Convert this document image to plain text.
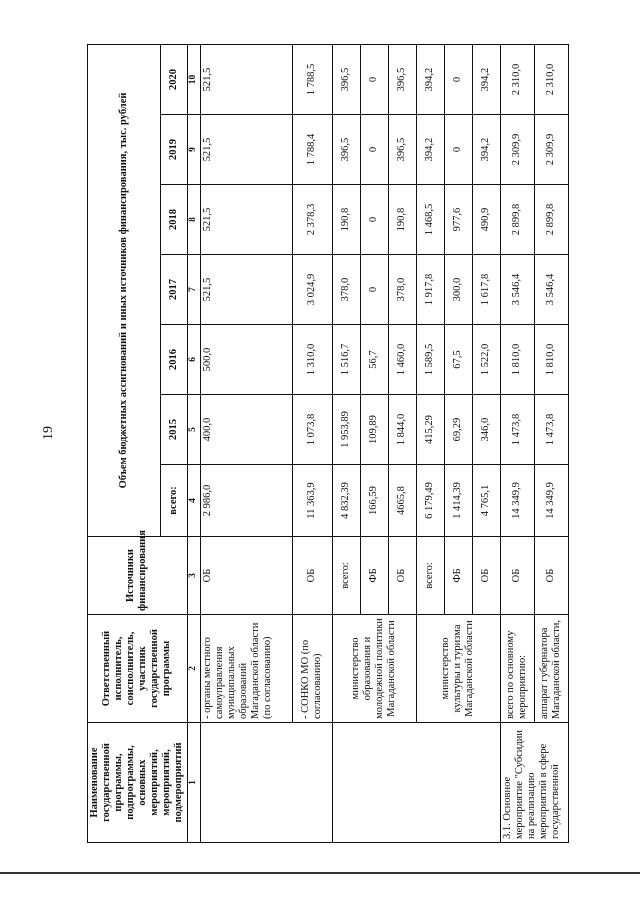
19
Наименование государственной программы, подпрограммы, основных мероприятий, мероприятий, подмероприятий	Ответственный исполнитель, соисполнитель, участник государственной программы	Источники финансирования	Объем бюджетных ассигнований и иных источников финансирования, тыс. рублей						
			всего:	2015	2016	2017	2018	2019	2020
1	2	3	4	5	6	7	8	9	10
	- органы местного самоуправления муниципальных образований Магаданской области (по согласованию)	ОБ	2 986,0	400,0	500,0	521,5	521,5	521,5	521,5
	- СОНКО МО (по согласованию)	ОБ	11 363,9	1 073,8	1 310,0	3 024,9	2 378,3	1 788,4	1 788,5
	министерство образования и молодежной политики Магаданской области	всего:	4 832,39	1 953,89	1 516,7	378,0	190,8	396,5	396,5
		ФБ	166,59	109,89	56,7	0	0	0	0
		ОБ	4665,8	1 844,0	1 460,0	378,0	190,8	396,5	396,5
	министерство культуры и туризма Магаданской области	всего:	6 179,49	415,29	1 589,5	1 917,8	1 468,5	394,2	394,2
		ФБ	1 414,39	69,29	67,5	300,0	977,6	0	0
		ОБ	4 765,1	346,0	1 522,0	1 617,8	490,9	394,2	394,2
3.1. Основное мероприятие "Субсидии на реализацию мероприятий в сфере государственной	всего по основному мероприятию:	ОБ	14 349,9	1 473,8	1 810,0	3 546,4	2 899,8	2 309,9	2 310,0
	аппарат губернатора Магаданской области,	ОБ	14 349,9	1 473,8	1 810,0	3 546,4	2 899,8	2 309,9	2 310,0
